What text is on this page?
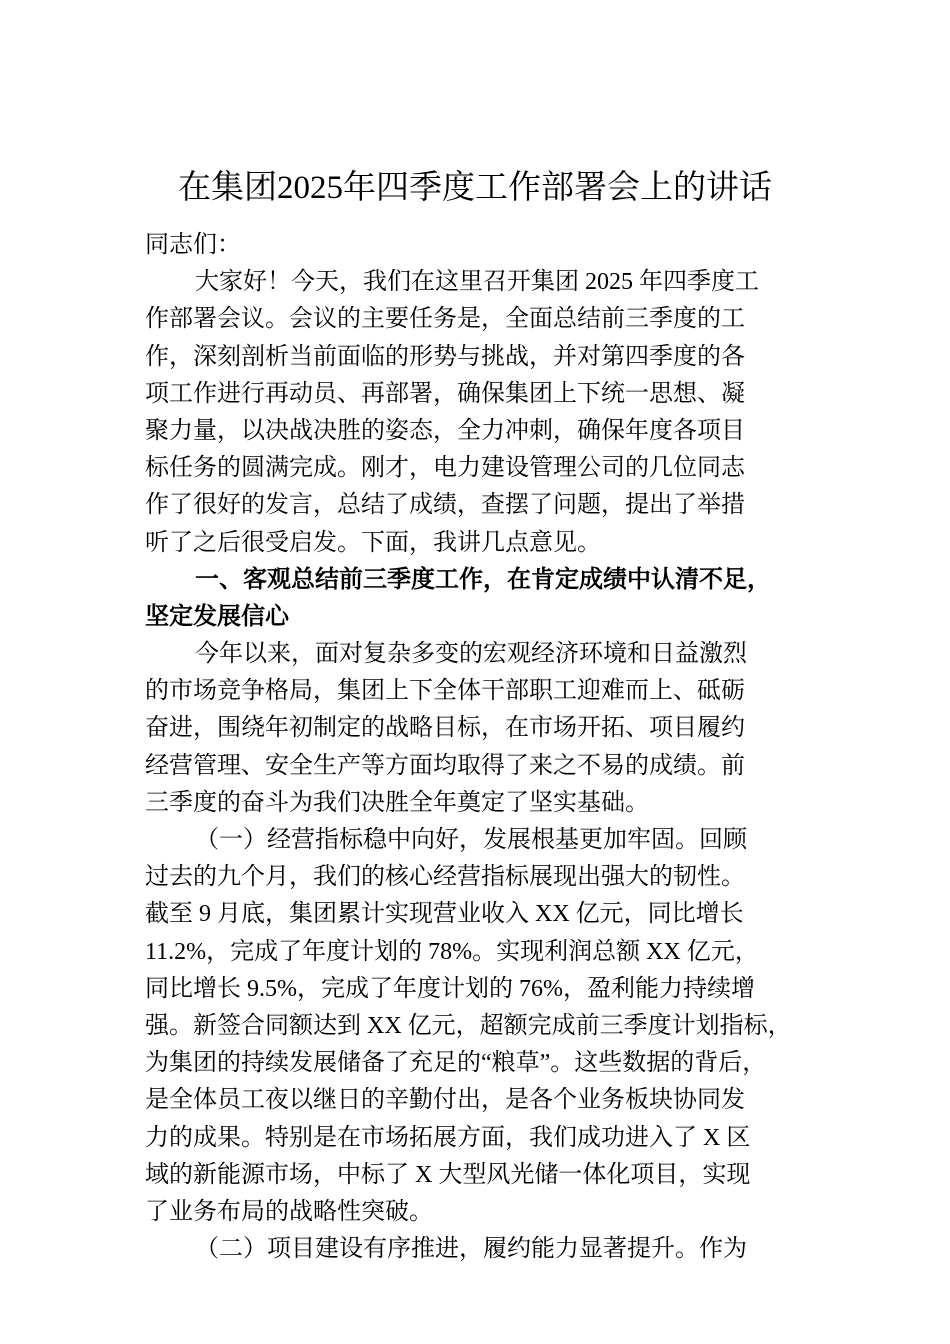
在集团2025年四季度工作部署会上的讲话
同志们：
大家好！今天，我们在这里召开集团 2025 年四季度工
作部署会议。会议的主要任务是，全面总结前三季度的工
作，深刻剖析当前面临的形势与挑战，并对第四季度的各
项工作进行再动员、再部署，确保集团上下统一思想、凝
聚力量，以决战决胜的姿态，全力冲刺，确保年度各项目
标任务的圆满完成。刚才，电力建设管理公司的几位同志
作了很好的发言，总结了成绩，查摆了问题，提出了举措
听了之后很受启发。下面，我讲几点意见。
一、客观总结前三季度工作，在肯定成绩中认清不足，
坚定发展信心
今年以来，面对复杂多变的宏观经济环境和日益激烈
的市场竞争格局，集团上下全体干部职工迎难而上、砥砺
奋进，围绕年初制定的战略目标，在市场开拓、项目履约
经营管理、安全生产等方面均取得了来之不易的成绩。前
三季度的奋斗为我们决胜全年奠定了坚实基础。
（一）经营指标稳中向好，发展根基更加牢固。回顾
过去的九个月，我们的核心经营指标展现出强大的韧性。
截至 9 月底，集团累计实现营业收入 XX 亿元，同比增长
11.2%，完成了年度计划的 78%。实现利润总额 XX 亿元，
同比增长 9.5%，完成了年度计划的 76%，盈利能力持续增
强。新签合同额达到 XX 亿元，超额完成前三季度计划指标，
为集团的持续发展储备了充足的“粮草”。这些数据的背后，
是全体员工夜以继日的辛勤付出，是各个业务板块协同发
力的成果。特别是在市场拓展方面，我们成功进入了 X 区
域的新能源市场，中标了 X 大型风光储一体化项目，实现
了业务布局的战略性突破。
（二）项目建设有序推进，履约能力显著提升。作为
